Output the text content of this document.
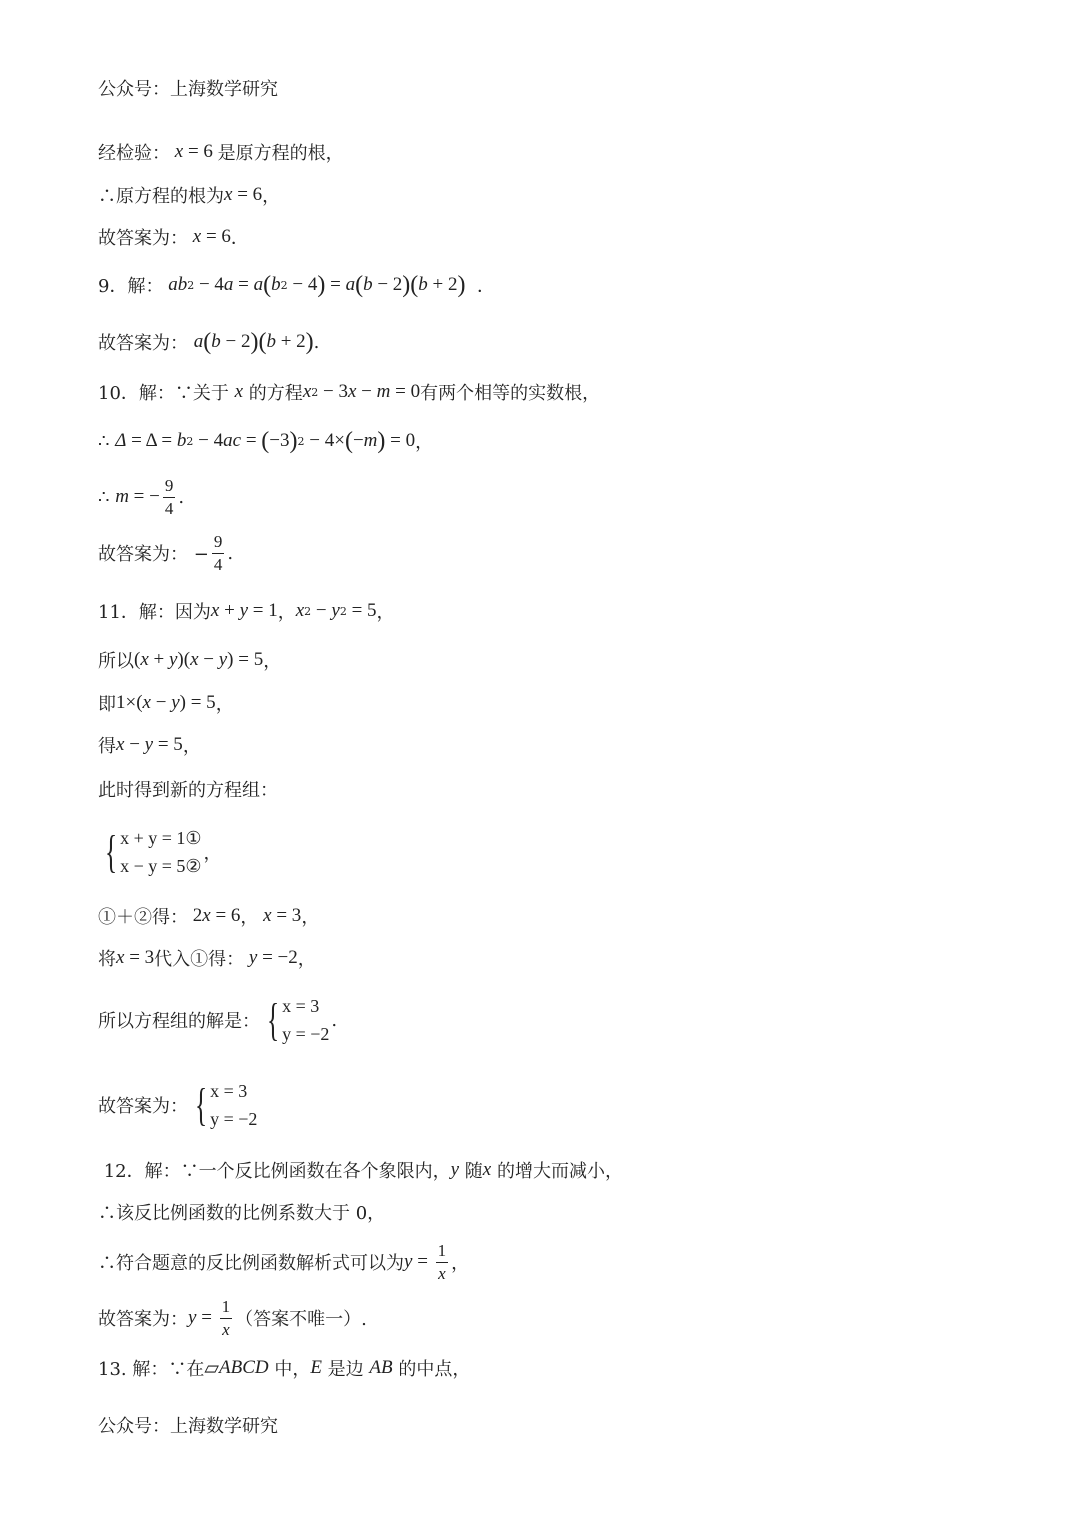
公众号：上海数学研究
经检验： x = 6 是原方程的根，
∴原方程的根为 x = 6 ，
故答案为： x = 6 ．
9．解： ab 2 − 4 a = a ( b 2 − 4 ) = a ( b − 2 )( b + 2 ) ．
故答案为： a ( b − 2 )( b + 2 ) .
10．解：∵关于 x 的方程 x 2 − 3 x − m = 0 有两个相等的实数根，
∴ Δ = Δ = b 2 − 4 ac = ( −3 ) 2 − 4× ( − m ) = 0 ，
∴ m = − $\frac{9}{4}$ .
故答案为： − $\frac{9}{4}$ .
11．解：因为 x + y = 1 ， x 2 − y 2 = 5 ，
所以 ( x + y )( x − y ) = 5 ，
即 1×( x − y ) = 5 ，
得 x − y = 5 ，
此时得到新的方程组：
{ x + y = 1①
x − y = 5②
，
①＋②得： 2 x = 6 ， x = 3 ，
将 x = 3 代入①得： y = −2 ，
所以方程组的解是： { x = 3
y = −2
.
故答案为： { x = 3
y = −2
12．解：∵一个反比例函数在各个象限内， y 随 x 的增大而减小，
∴该反比例函数的比例系数大于 0，
∴符合题意的反比例函数解析式可以为 $y = \frac{1}{x}$ ，
故答案为： $y = \frac{1}{x}$ （答案不唯一）.
13. 解：∵在 ▱ ABCD 中， E 是边 AB 的中点，
公众号：上海数学研究
